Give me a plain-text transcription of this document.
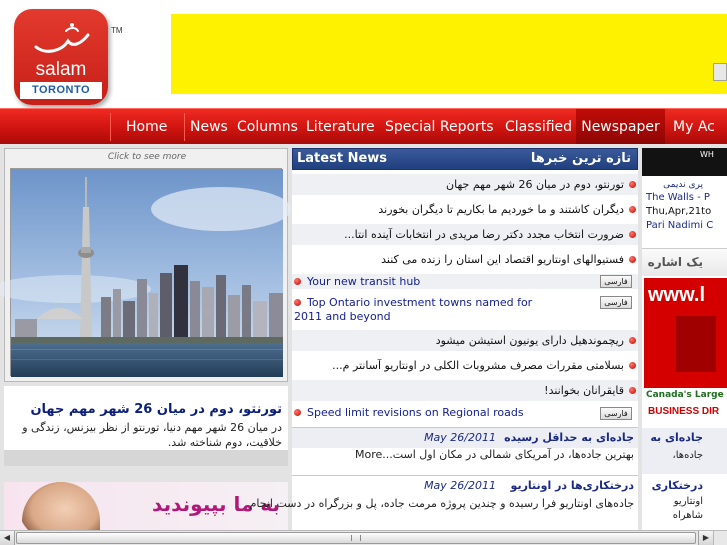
salam
TORONTO
TM
Home News Columns Literature Special Reports Classified Newspaper My Ac
Click to see more
تورنتو، دوم در میان 26 شهر مهم جهان
در میان 26 شهر مهم دنیا، تورنتو از نظر بیزنس، زندگی و
خلاقیت، دوم شناخته شد.
به ما بپیوندید
Latest News	تازه ترین خبرها
تورنتو، دوم در میان 26 شهر مهم جهان
دیگران کاشتند و ما خوردیم ما بکاریم تا دیگران بخورند
ضرورت انتخاب مجدد دکتر رضا مریدی در انتخابات آینده انتا...
فستیوالهای اونتاریو اقتصاد این استان را زنده می کنند
Your new transit hub	فارسی
Top Ontario investment towns named for 2011 and beyond
فارسی
ریچموندهیل دارای یونیون استیشن میشود
بسلامتی مقررات مصرف مشروبات الکلی در اونتاریو آسانتر م...
قایقرانان بخوانند!
Speed limit revisions on Regional roads	فارسی
May 26/2011 جاده‌ای به حداقل رسیده
بهترین جاده‌ها، در آمریکای شمالی در مکان اول است...More
May 26/2011 درختکاری‌ها در اونتاریو
جاده‌های اونتاریو فرا رسیده و چندین پروژه مرمت جاده، پل و بزرگراه در دست انجام
WH
پری ندیمی
The Walls - P
Thu,Apr,21to
Pari Nadimi C
یک اشاره
www.l
Canada's Large
BUSINESS DIR
جاده‌ای به
جاده‌ها،
درختکاری
اونتاریو
شاهراه
◀	▶
